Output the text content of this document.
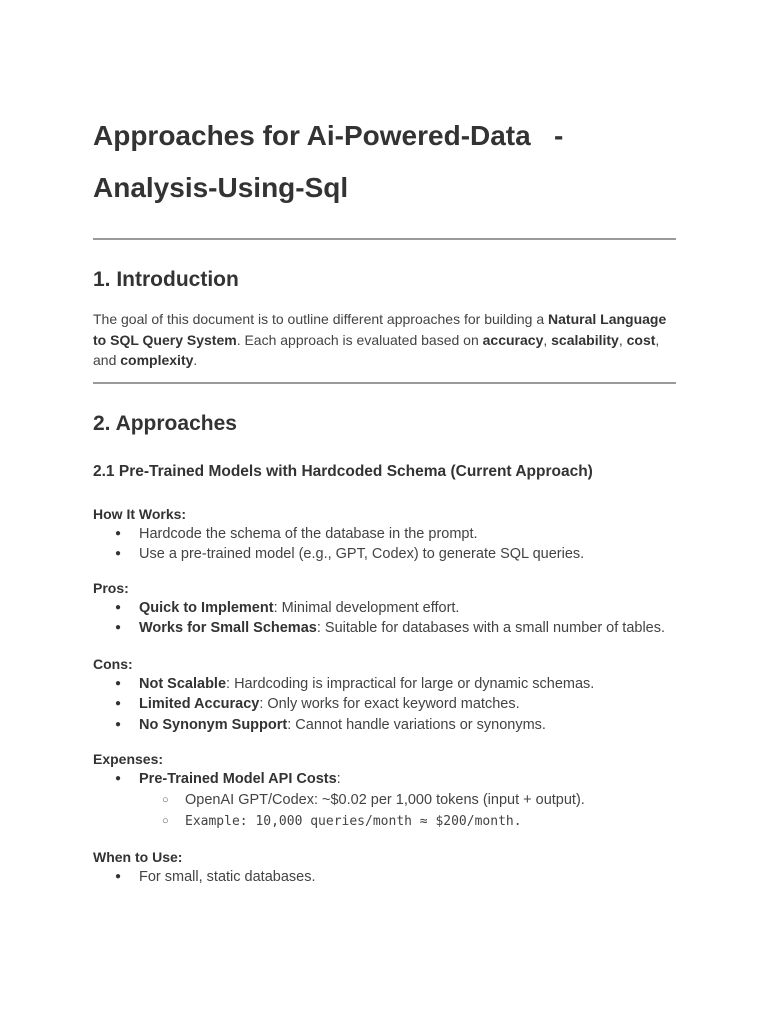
Approaches for Ai-Powered-Data   -
Analysis-Using-Sql
1. Introduction

The goal of this document is to outline different approaches for building a Natural Language to SQL Query System. Each approach is evaluated based on accuracy, scalability, cost, and complexity.

2. Approaches
2.1 Pre-Trained Models with Hardcoded Schema (Current Approach)
How It Works:
● Hardcode the schema of the database in the prompt.
● Use a pre-trained model (e.g., GPT, Codex) to generate SQL queries.
Pros:
● Quick to Implement: Minimal development effort.
● Works for Small Schemas: Suitable for databases with a small number of tables.
Cons:
● Not Scalable: Hardcoding is impractical for large or dynamic schemas.
● Limited Accuracy: Only works for exact keyword matches.
● No Synonym Support: Cannot handle variations or synonyms.
Expenses:
● Pre-Trained Model API Costs:
○ OpenAI GPT/Codex: ~$0.02 per 1,000 tokens (input + output).
○ Example: 10,000 queries/month ≈ $200/month.
When to Use:
● For small, static databases.
